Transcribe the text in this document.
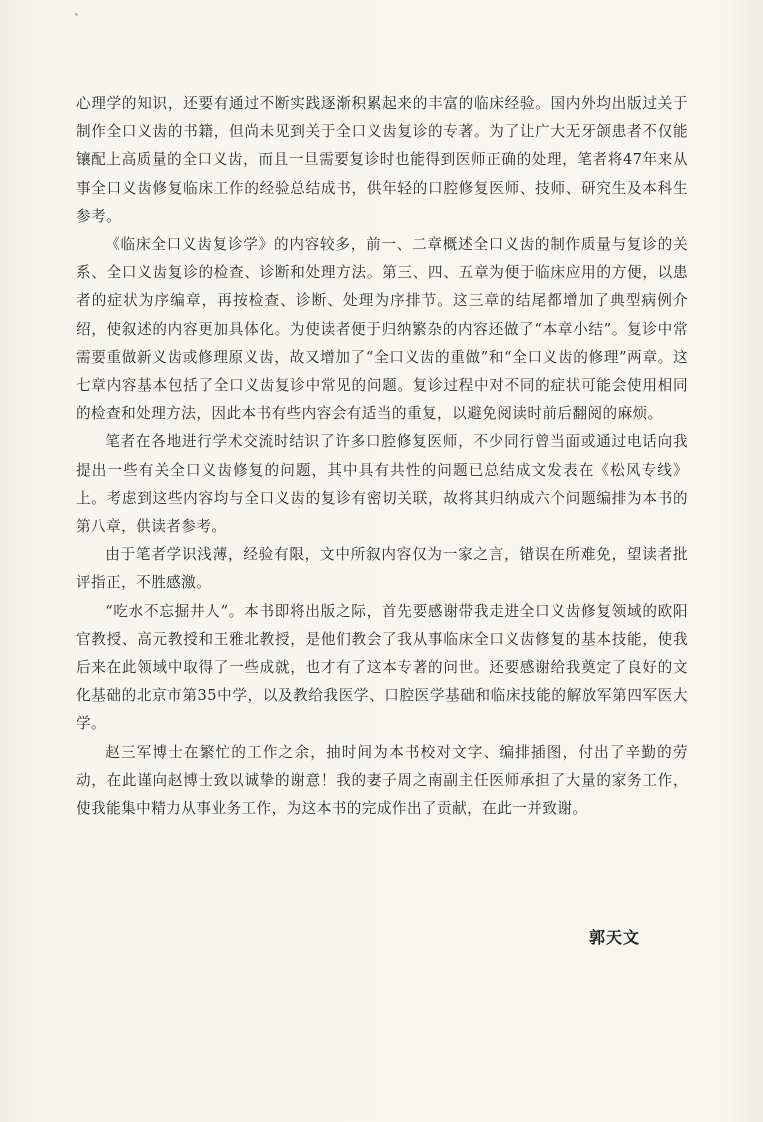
心理学的知识，还要有通过不断实践逐渐积累起来的丰富的临床经验。国内外均出版过关于制作全口义齿的书籍，但尚未见到关于全口义齿复诊的专著。为了让广大无牙颌患者不仅能镶配上高质量的全口义齿，而且一旦需要复诊时也能得到医师正确的处理，笔者将47年来从事全口义齿修复临床工作的经验总结成书，供年轻的口腔修复医师、技师、研究生及本科生参考。

《临床全口义齿复诊学》的内容较多，前一、二章概述全口义齿的制作质量与复诊的关系、全口义齿复诊的检查、诊断和处理方法。第三、四、五章为便于临床应用的方便，以患者的症状为序编章，再按检查、诊断、处理为序排节。这三章的结尾都增加了典型病例介绍，使叙述的内容更加具体化。为使读者便于归纳繁杂的内容还做了“本章小结”。复诊中常需要重做新义齿或修理原义齿，故又增加了“全口义齿的重做”和“全口义齿的修理”两章。这七章内容基本包括了全口义齿复诊中常见的问题。复诊过程中对不同的症状可能会使用相同的检查和处理方法，因此本书有些内容会有适当的重复，以避免阅读时前后翻阅的麻烦。

笔者在各地进行学术交流时结识了许多口腔修复医师，不少同行曾当面或通过电话向我提出一些有关全口义齿修复的问题，其中具有共性的问题已总结成文发表在《松风专线》上。考虑到这些内容均与全口义齿的复诊有密切关联，故将其归纳成六个问题编排为本书的第八章，供读者参考。

由于笔者学识浅薄，经验有限，文中所叙内容仅为一家之言，错误在所难免，望读者批评指正，不胜感激。

“吃水不忘掘井人”。本书即将出版之际，首先要感谢带我走进全口义齿修复领域的欧阳官教授、高元教授和王雅北教授，是他们教会了我从事临床全口义齿修复的基本技能，使我后来在此领域中取得了一些成就，也才有了这本专著的问世。还要感谢给我奠定了良好的文化基础的北京市第35中学，以及教给我医学、口腔医学基础和临床技能的解放军第四军医大学。

赵三军博士在繁忙的工作之余，抽时间为本书校对文字、编排插图，付出了辛勤的劳动，在此谨向赵博士致以诚挚的谢意！我的妻子周之南副主任医师承担了大量的家务工作，使我能集中精力从事业务工作，为这本书的完成作出了贡献，在此一并致谢。

郭天文
